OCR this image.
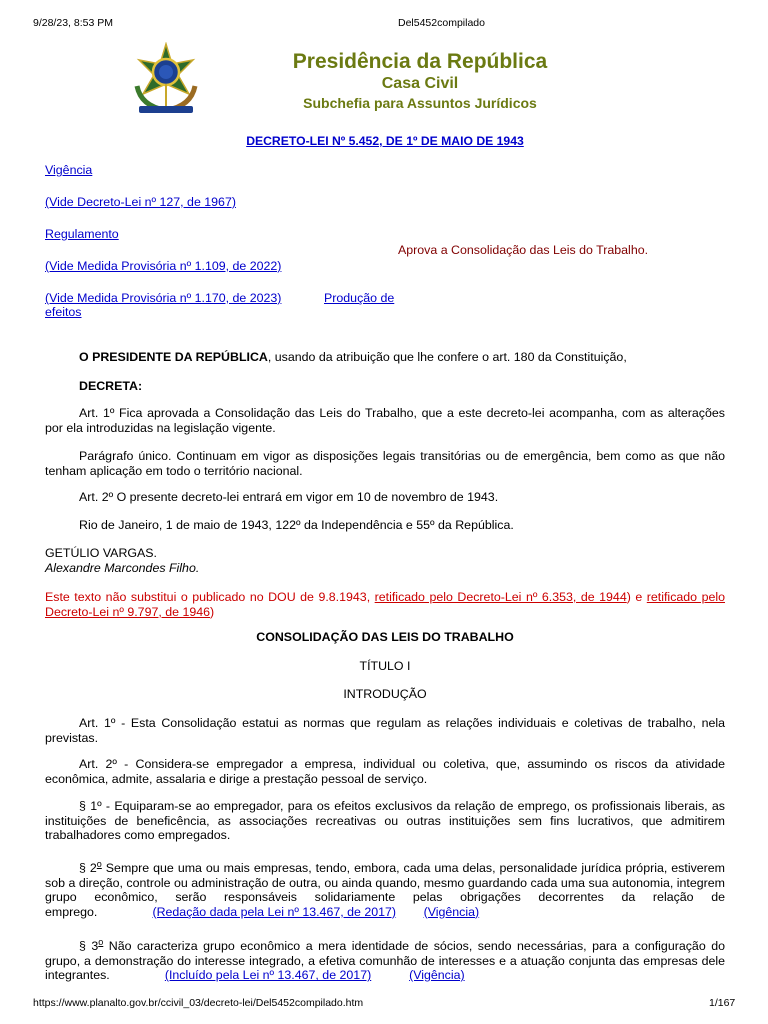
9/28/23, 8:53 PM	Del5452compilado
Presidência da República
Casa Civil
Subchefia para Assuntos Jurídicos
DECRETO-LEI Nº 5.452, DE 1º DE MAIO DE 1943
Vigência
(Vide Decreto-Lei nº 127, de 1967)
Regulamento
(Vide Medida Provisória nº 1.109, de 2022)
(Vide Medida Provisória nº 1.170, de 2023)	Produção de
efeitos
Aprova a Consolidação das Leis do Trabalho.
O PRESIDENTE DA REPÚBLICA, usando da atribuição que lhe confere o art. 180 da Constituição,
DECRETA:
Art. 1º Fica aprovada a Consolidação das Leis do Trabalho, que a este decreto-lei acompanha, com as alterações por ela introduzidas na legislação vigente.
Parágrafo único. Continuam em vigor as disposições legais transitórias ou de emergência, bem como as que não tenham aplicação em todo o território nacional.
Art. 2º O presente decreto-lei entrará em vigor em 10 de novembro de 1943.
Rio de Janeiro, 1 de maio de 1943, 122º da Independência e 55º da República.
GETÚLIO VARGAS.
Alexandre Marcondes Filho.
Este texto não substitui o publicado no DOU de 9.8.1943, retificado pelo Decreto-Lei nº 6.353, de 1944) e retificado pelo Decreto-Lei nº 9.797, de 1946)
CONSOLIDAÇÃO DAS LEIS DO TRABALHO
TÍTULO I
INTRODUÇÃO
Art. 1º - Esta Consolidação estatui as normas que regulam as relações individuais e coletivas de trabalho, nela previstas.
Art. 2º - Considera-se empregador a empresa, individual ou coletiva, que, assumindo os riscos da atividade econômica, admite, assalaria e dirige a prestação pessoal de serviço.
§ 1º - Equiparam-se ao empregador, para os efeitos exclusivos da relação de emprego, os profissionais liberais, as instituições de beneficência, as associações recreativas ou outras instituições sem fins lucrativos, que admitirem trabalhadores como empregados.
§ 2$^o$ Sempre que uma ou mais empresas, tendo, embora, cada uma delas, personalidade jurídica própria, estiverem sob a direção, controle ou administração de outra, ou ainda quando, mesmo guardando cada uma sua autonomia, integrem grupo econômico, serão responsáveis solidariamente pelas obrigações decorrentes da relação de emprego.	(Redação dada pela Lei nº 13.467, de 2017) (Vigência)
§ 3$^o$ Não caracteriza grupo econômico a mera identidade de sócios, sendo necessárias, para a configuração do grupo, a demonstração do interesse integrado, a efetiva comunhão de interesses e a atuação conjunta das empresas dele integrantes.	(Incluído pela Lei nº 13.467, de 2017)	(Vigência)
https://www.planalto.gov.br/ccivil_03/decreto-lei/Del5452compilado.htm	1/167
